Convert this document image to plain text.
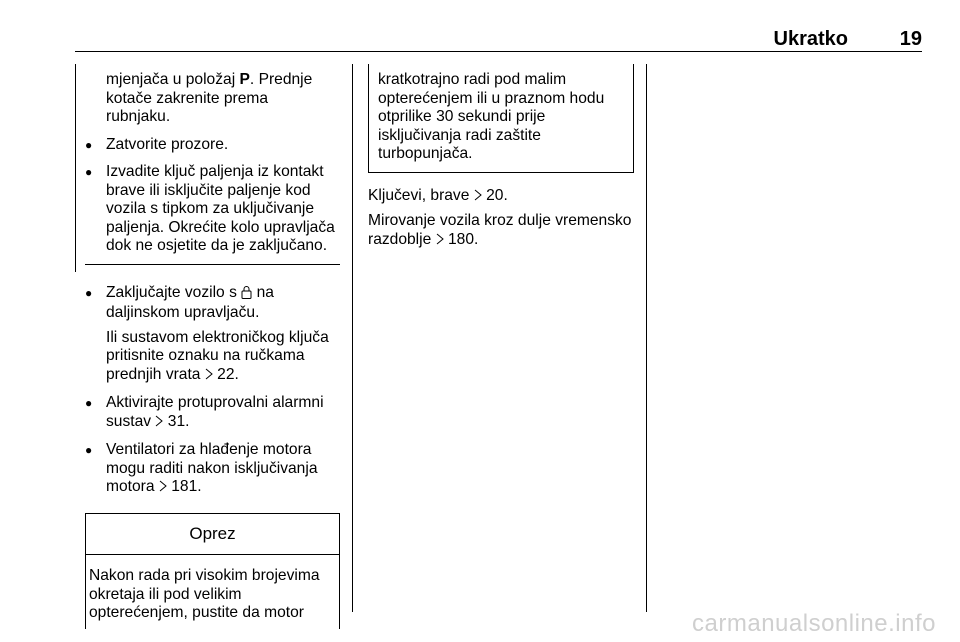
Ukratko	19
mjenjača u položaj P. Prednje kotače zakrenite prema rubnjaku.
● Zatvorite prozore.
● Izvadite ključ paljenja iz kontakt brave ili isključite paljenje kod vozila s tipkom za uključivanje paljenja. Okrećite kolo upravljača dok ne osjetite da je zaključano.
● Zaključajte vozilo s na daljinskom upravljaču.
Ili sustavom elektroničkog ključa pritisnite oznaku na ručkama prednjih vrata 22.
● Aktivirajte protuprovalni alarmni sustav 31.
● Ventilatori za hlađenje motora mogu raditi nakon isključivanja motora 181.
Oprez
Nakon rada pri visokim brojevima okretaja ili pod velikim opterećenjem, pustite da motor
kratkotrajno radi pod malim opterećenjem ili u praznom hodu otprilike 30 sekundi prije isključivanja radi zaštite turbopunjača.
Ključevi, brave 20.
Mirovanje vozila kroz dulje vremensko razdoblje 180.
carmanualsonline.info
